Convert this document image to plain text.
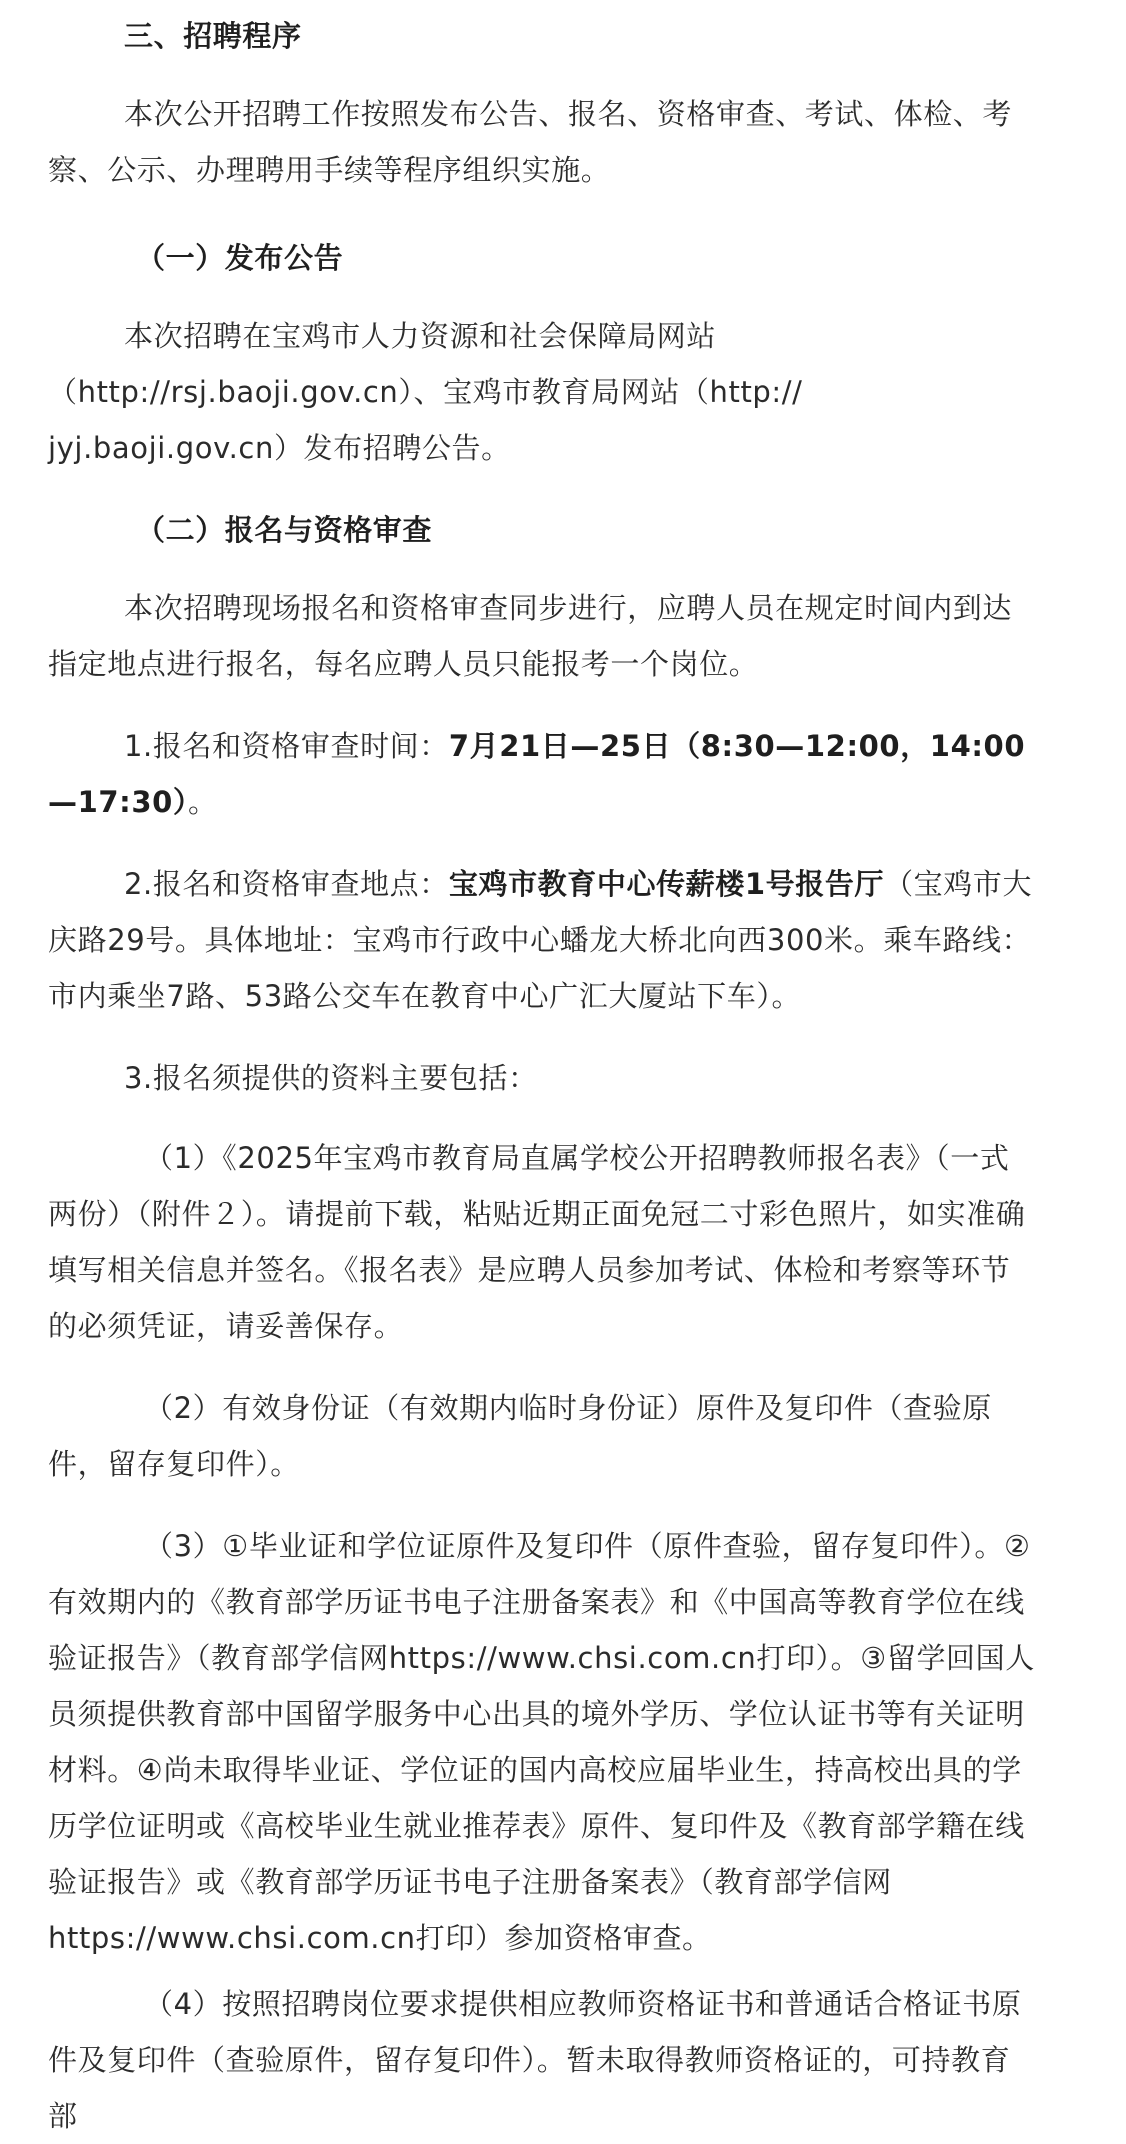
三、招聘程序

本次公开招聘工作按照发布公告、报名、资格审查、考试、体检、考察、公示、办理聘用手续等程序组织实施。

（一）发布公告

本次招聘在宝鸡市人力资源和社会保障局网站

（http://rsj.baoji.gov.cn）、宝鸡市教育局网站（http://

jyj.baoji.gov.cn）发布招聘公告。

（二）报名与资格审查

本次招聘现场报名和资格审查同步进行，应聘人员在规定时间内到达指定地点进行报名，每名应聘人员只能报考一个岗位。

1.报名和资格审查时间：7月21日—25日（8:30—12:00，14:00—17:30）。

2.报名和资格审查地点：宝鸡市教育中心传薪楼1号报告厅（宝鸡市大庆路29号。具体地址：宝鸡市行政中心蟠龙大桥北向西300米。乘车路线：市内乘坐7路、53路公交车在教育中心广汇大厦站下车）。

3.报名须提供的资料主要包括：

（1）《2025年宝鸡市教育局直属学校公开招聘教师报名表》（一式两份）（附件２）。请提前下载，粘贴近期正面免冠二寸彩色照片，如实准确填写相关信息并签名。《报名表》是应聘人员参加考试、体检和考察等环节的必须凭证，请妥善保存。

（2）有效身份证（有效期内临时身份证）原件及复印件（查验原件，留存复印件）。

（3）①毕业证和学位证原件及复印件（原件查验，留存复印件）。②有效期内的《教育部学历证书电子注册备案表》和《中国高等教育学位在线验证报告》（教育部学信网https://www.chsi.com.cn打印）。③留学回国人员须提供教育部中国留学服务中心出具的境外学历、学位认证书等有关证明材料。④尚未取得毕业证、学位证的国内高校应届毕业生，持高校出具的学历学位证明或《高校毕业生就业推荐表》原件、复印件及《教育部学籍在线验证报告》或《教育部学历证书电子注册备案表》（教育部学信网https://www.chsi.com.cn打印）参加资格审查。

（4）按照招聘岗位要求提供相应教师资格证书和普通话合格证书原件及复印件（查验原件，留存复印件）。暂未取得教师资格证的，可持教育部
